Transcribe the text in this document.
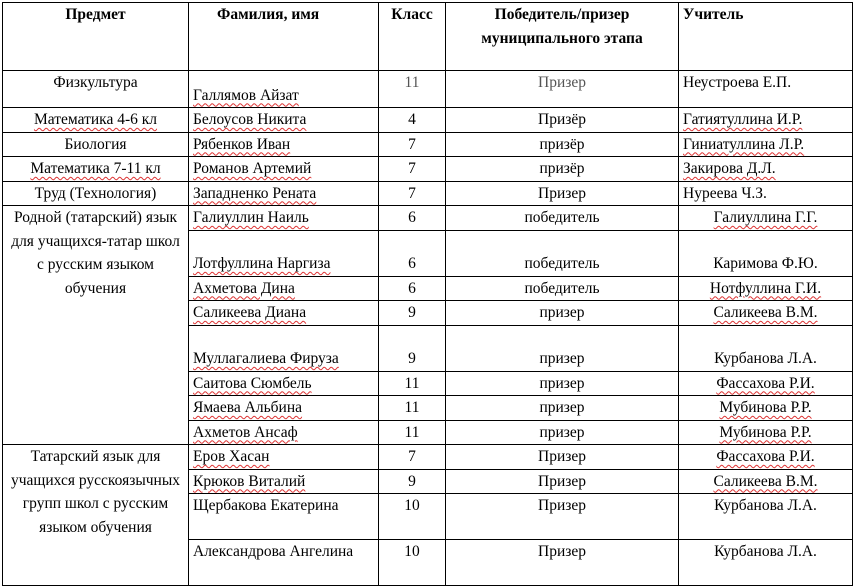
Предмет	Фамилия, имя	Класс	Победитель/призер муниципального этапа	Учитель
Физкультура	Галлямов Айзат	11	Призер	Неустроева Е.П.
Математика 4-6 кл	Белоусов Никита	4	Призёр	Гатиятуллина И.Р.
Биология	Рябенков Иван	7	призёр	Гиниатуллина Л.Р.
Математика 7-11 кл	Романов Артемий	7	призёр	Закирова Д.Л.
Труд (Технология)	Западненко Рената	7	Призер	Нуреева Ч.З.
Родной (татарский) язык для учащихся-татар школ с русским языком обучения	Галиуллин Наиль	6	победитель	Галиуллина Г.Г.
	Лотфуллина Наргиза	6	победитель	Каримова Ф.Ю.
	Ахметова Дина	6	победитель	Нотфуллина Г.И.
	Саликеева Диана	9	призер	Саликеева В.М.
	Муллагалиева Фируза	9	призер	Курбанова Л.А.
	Саитова Сюмбель	11	призер	Фассахова Р.И.
	Ямаева Альбина	11	призер	Мубинова Р.Р.
	Ахметов Ансаф	11	призер	Мубинова Р.Р.
Татарский язык для учащихся русскоязычных групп школ с русским языком обучения	Еров Хасан	7	Призер	Фассахова Р.И.
	Крюков Виталий	9	Призер	Саликеева В.М.
	Щербакова Екатерина	10	Призер	Курбанова Л.А.
	Александрова Ангелина	10	Призер	Курбанова Л.А.
